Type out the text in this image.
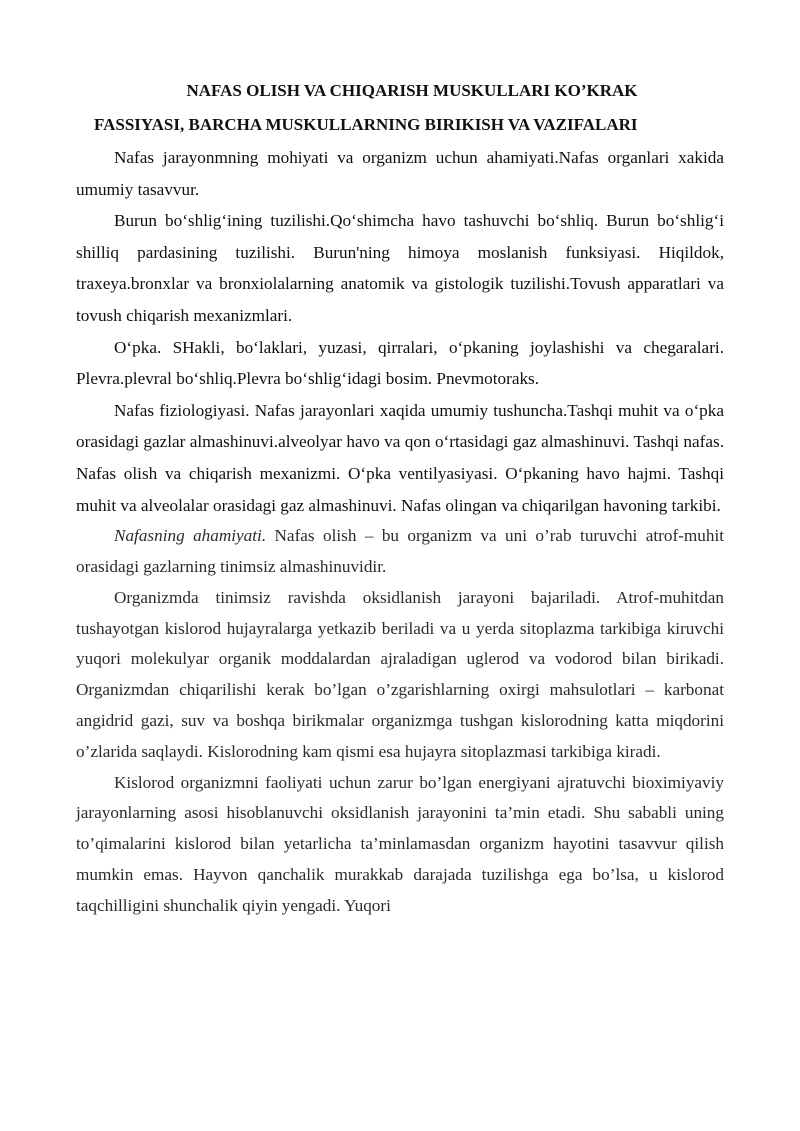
NAFAS OLISH VA CHIQARISH MUSKULLARI KO’KRAK

FASSIYASI, BARCHA MUSKULLARNING BIRIKISH VA VAZIFALARI

Nafas jarayonmning mohiyati va organizm uchun ahamiyati.Nafas organlari xakida umumiy tasavvur.

Burun bo‘shlig‘ining tuzilishi.Qo‘shimcha havo tashuvchi bo‘shliq. Burun bo‘shlig‘i shilliq pardasining tuzilishi. Burun'ning himoya moslanish funksiyasi. Hiqildok, traxeya.bronxlar va bronxiolalarning anatomik va gistologik tuzilishi.Tovush apparatlari va tovush chiqarish mexanizmlari.

O‘pka. SHakli, bo‘laklari, yuzasi, qirralari, o‘pkaning joylashishi va chegaralari. Plevra.plevral bo‘shliq.Plevra bo‘shlig‘idagi bosim. Pnevmotoraks.

Nafas fiziologiyasi. Nafas jarayonlari xaqida umumiy tushuncha.Tashqi muhit va o‘pka orasidagi gazlar almashinuvi.alveolyar havo va qon o‘rtasidagi gaz almashinuvi. Tashqi nafas. Nafas olish va chiqarish mexanizmi. O‘pka ventilyasiyasi. O‘pkaning havo hajmi. Tashqi muhit va alveolalar orasidagi gaz almashinuvi. Nafas olingan va chiqarilgan havoning tarkibi.

Nafasning ahamiyati. Nafas olish – bu organizm va uni o’rab turuvchi atrof-muhit orasidagi gazlarning tinimsiz almashinuvidir.

Organizmda tinimsiz ravishda oksidlanish jarayoni bajariladi. Atrof-muhitdan tushayotgan kislorod hujayralarga yetkazib beriladi va u yerda sitoplazma tarkibiga kiruvchi yuqori molekulyar organik moddalardan ajraladigan uglerod va vodorod bilan birikadi. Organizmdan chiqarilishi kerak bo’lgan o’zgarishlarning oxirgi mahsulotlari – karbonat angidrid gazi, suv va boshqa birikmalar organizmga tushgan kislorodning katta miqdorini o’zlarida saqlaydi. Kislorodning kam qismi esa hujayra sitoplazmasi tarkibiga kiradi.

Kislorod organizmni faoliyati uchun zarur bo’lgan energiyani ajratuvchi bioximiyaviy jarayonlarning asosi hisoblanuvchi oksidlanish jarayonini ta’min etadi. Shu sababli uning to’qimalarini kislorod bilan yetarlicha ta’minlamasdan organizm hayotini tasavvur qilish mumkin emas. Hayvon qanchalik murakkab darajada tuzilishga ega bo’lsa, u kislorod taqchilligini shunchalik qiyin yengadi. Yuqori
